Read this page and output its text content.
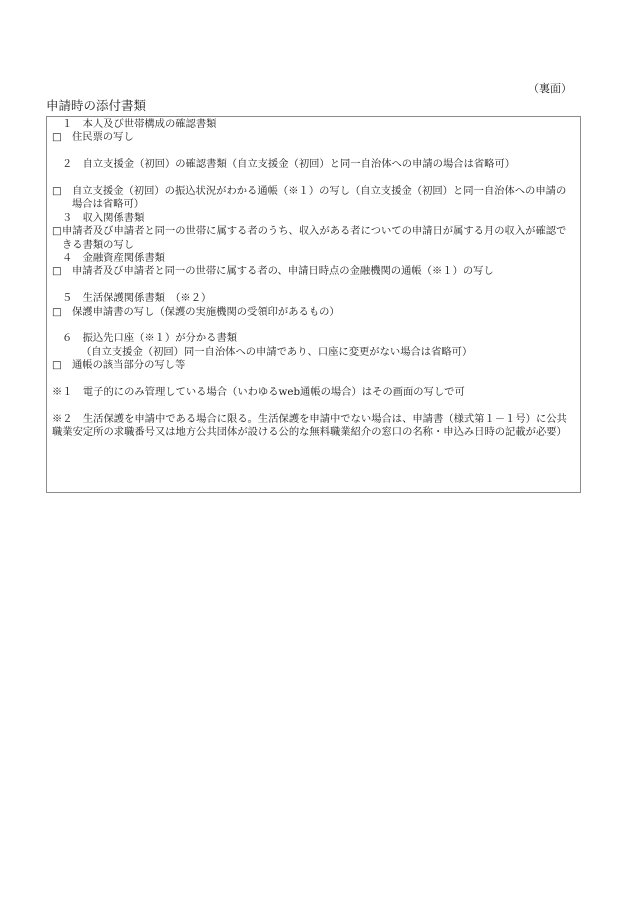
（裏面）
申請時の添付書類
１　本人及び世帯構成の確認書類
□ 住民票の写し
２　自立支援金（初回）の確認書類（自立支援金（初回）と同一自治体への申請の場合は省略可）
□ 自立支援金（初回）の振込状況がわかる通帳（※１）の写し（自立支援金（初回）と同一自治体への申請の場合は省略可）
３　収入関係書類
□ 申請者及び申請者と同一の世帯に属する者のうち、収入がある者についての申請日が属する月の収入が確認できる書類の写し
４　金融資産関係書類
□ 申請者及び申請者と同一の世帯に属する者の、申請日時点の金融機関の通帳（※１）の写し
５　生活保護関係書類　（※２）
□ 保護申請書の写し（保護の実施機関の受領印があるもの）
６　振込先口座（※１）が分かる書類
（自立支援金（初回）同一自治体への申請であり、口座に変更がない場合は省略可）
□ 通帳の該当部分の写し等
※１　 電子的にのみ管理している場合（いわゆるweb通帳の場合）はその画面の写しで可
※２　 生活保護を申請中である場合に限る。生活保護を申請中でない場合は、申請書（様式第１－１号）に公共職業安定所の求職番号又は地方公共団体が設ける公的な無料職業紹介の窓口の名称・申込み日時の記載が必要）
